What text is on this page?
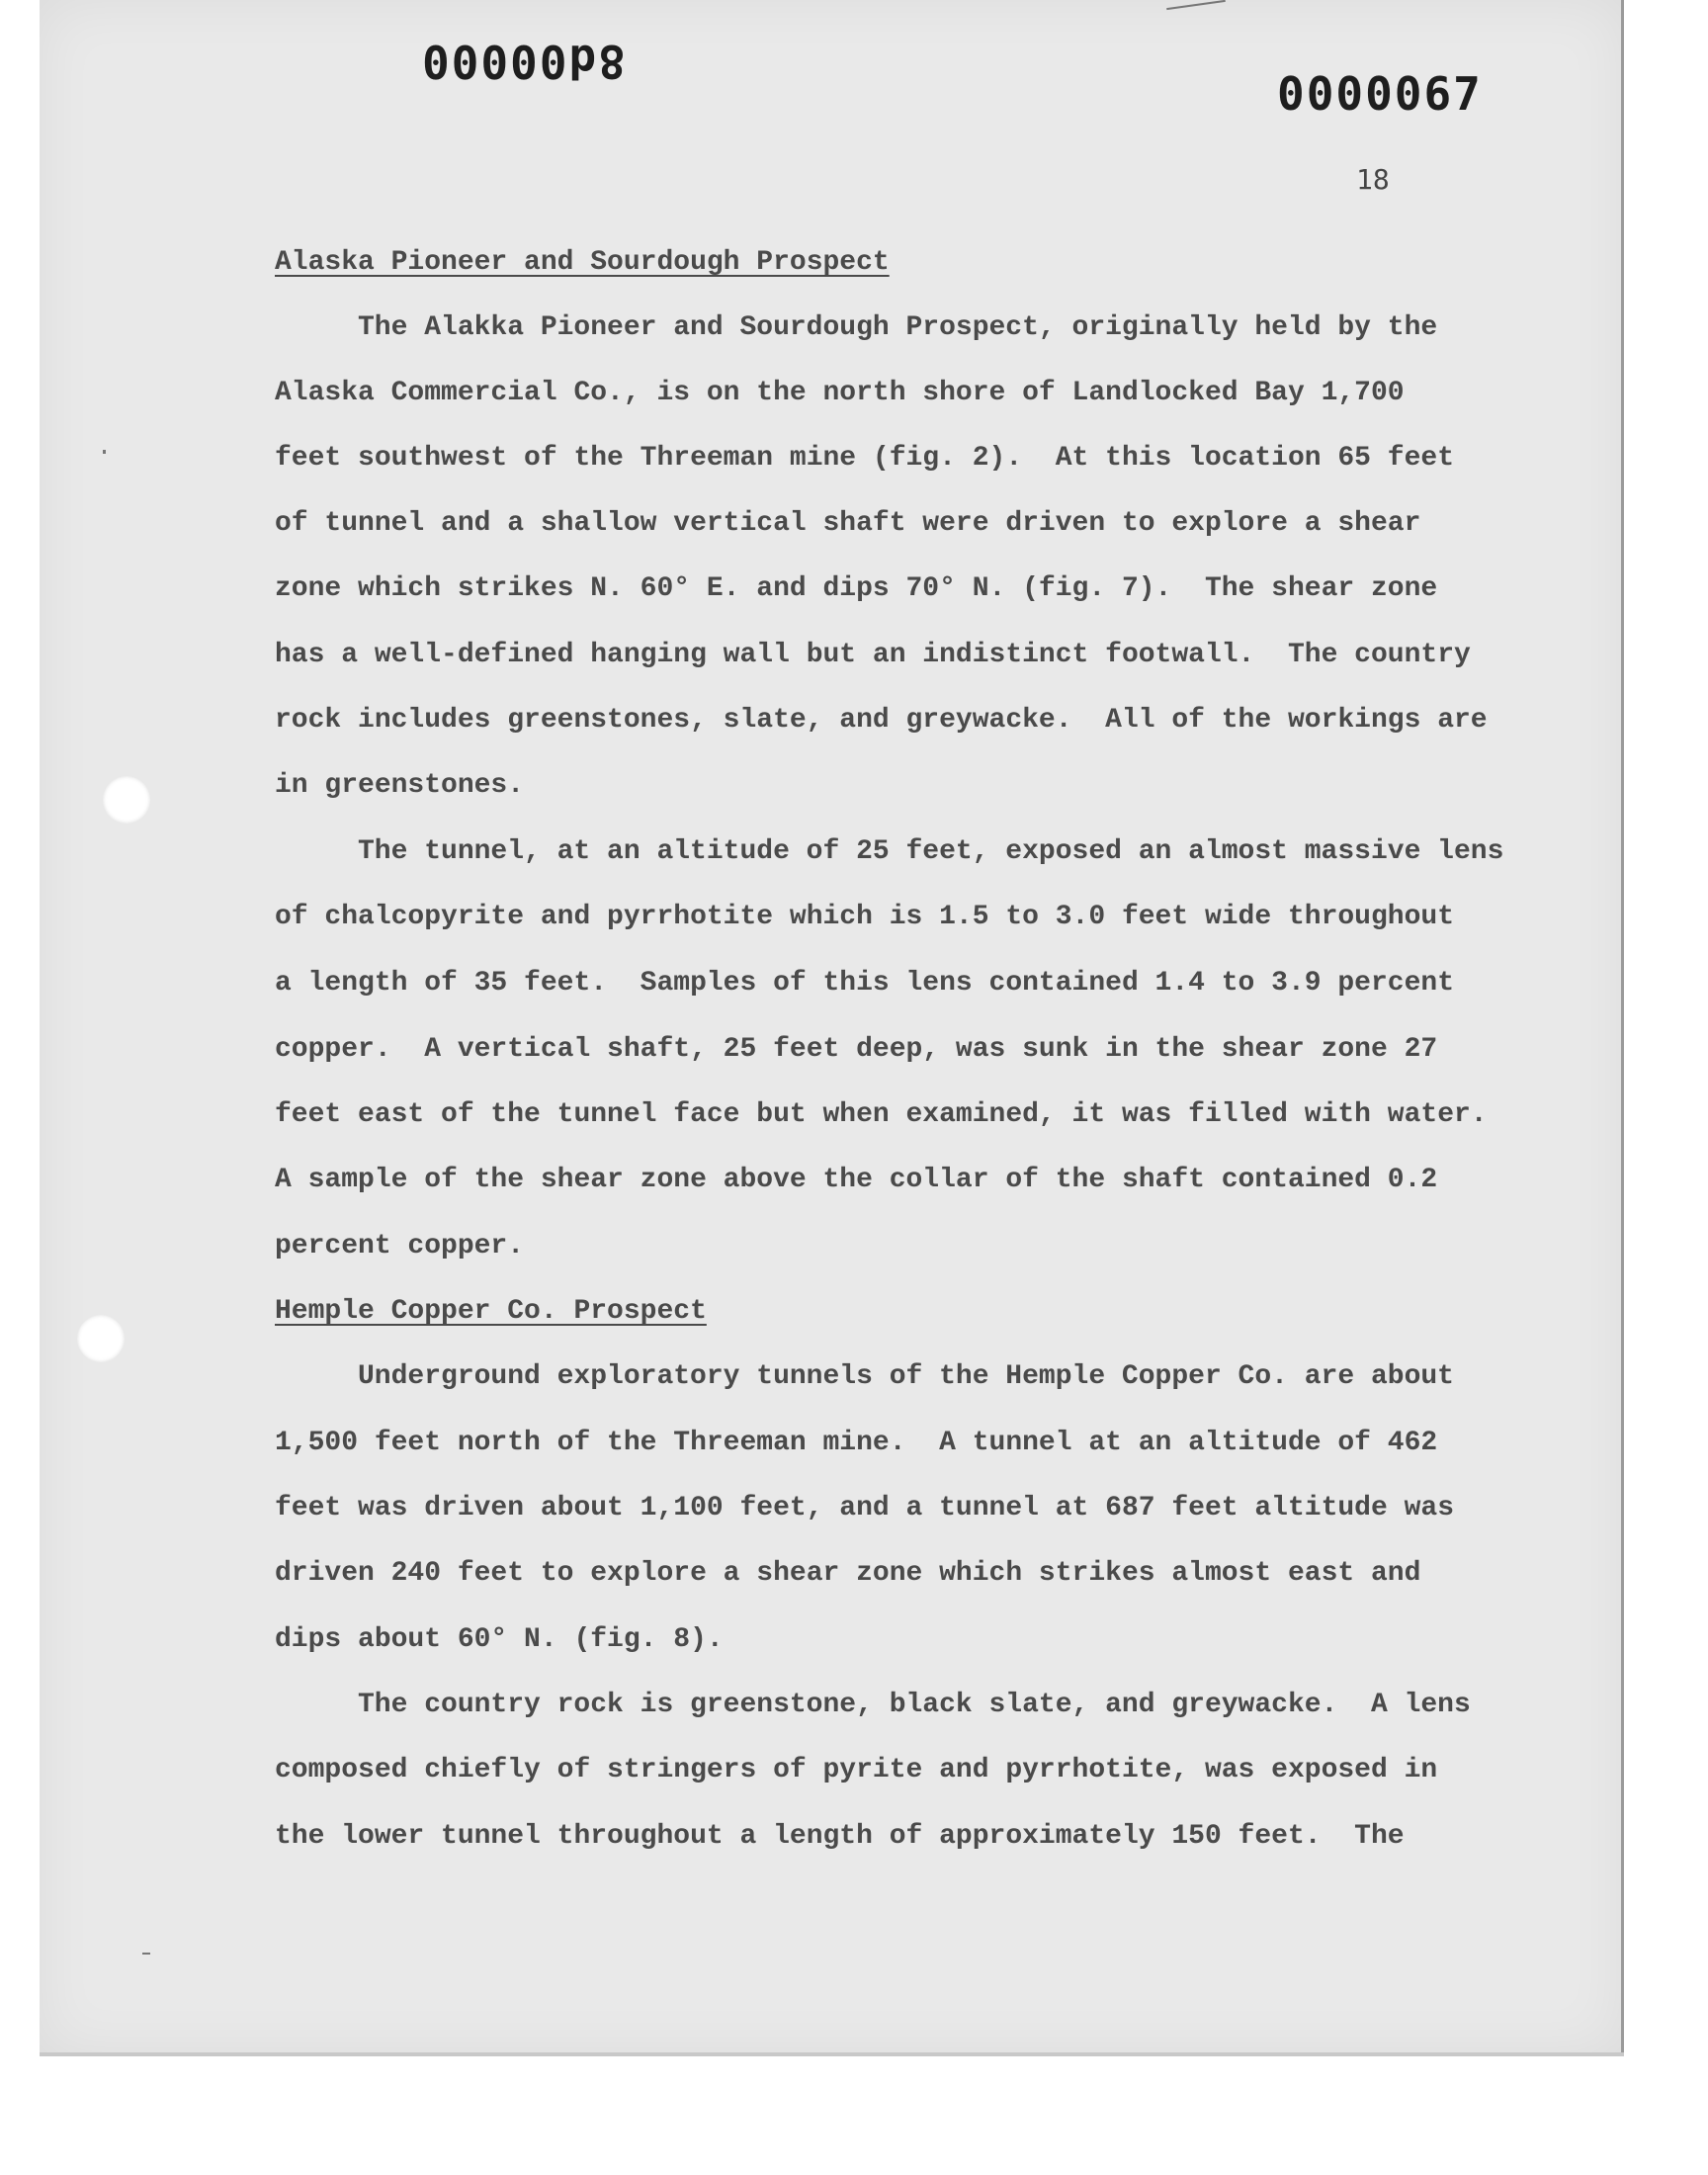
8d00000
0000067
18
Alaska Pioneer and Sourdough Prospect
The Alakka Pioneer and Sourdough Prospect, originally held by the
Alaska Commercial Co., is on the north shore of Landlocked Bay 1,700
feet southwest of the Threeman mine (fig. 2).  At this location 65 feet
of tunnel and a shallow vertical shaft were driven to explore a shear
zone which strikes N. 60° E. and dips 70° N. (fig. 7).  The shear zone
has a well-defined hanging wall but an indistinct footwall.  The country
rock includes greenstones, slate, and greywacke.  All of the workings are
in greenstones.
The tunnel, at an altitude of 25 feet, exposed an almost massive lens
of chalcopyrite and pyrrhotite which is 1.5 to 3.0 feet wide throughout
a length of 35 feet.  Samples of this lens contained 1.4 to 3.9 percent
copper.  A vertical shaft, 25 feet deep, was sunk in the shear zone 27
feet east of the tunnel face but when examined, it was filled with water.
A sample of the shear zone above the collar of the shaft contained 0.2
percent copper.
Hemple Copper Co. Prospect
Underground exploratory tunnels of the Hemple Copper Co. are about
1,500 feet north of the Threeman mine.  A tunnel at an altitude of 462
feet was driven about 1,100 feet, and a tunnel at 687 feet altitude was
driven 240 feet to explore a shear zone which strikes almost east and
dips about 60° N. (fig. 8).
The country rock is greenstone, black slate, and greywacke.  A lens
composed chiefly of stringers of pyrite and pyrrhotite, was exposed in
the lower tunnel throughout a length of approximately 150 feet.  The
